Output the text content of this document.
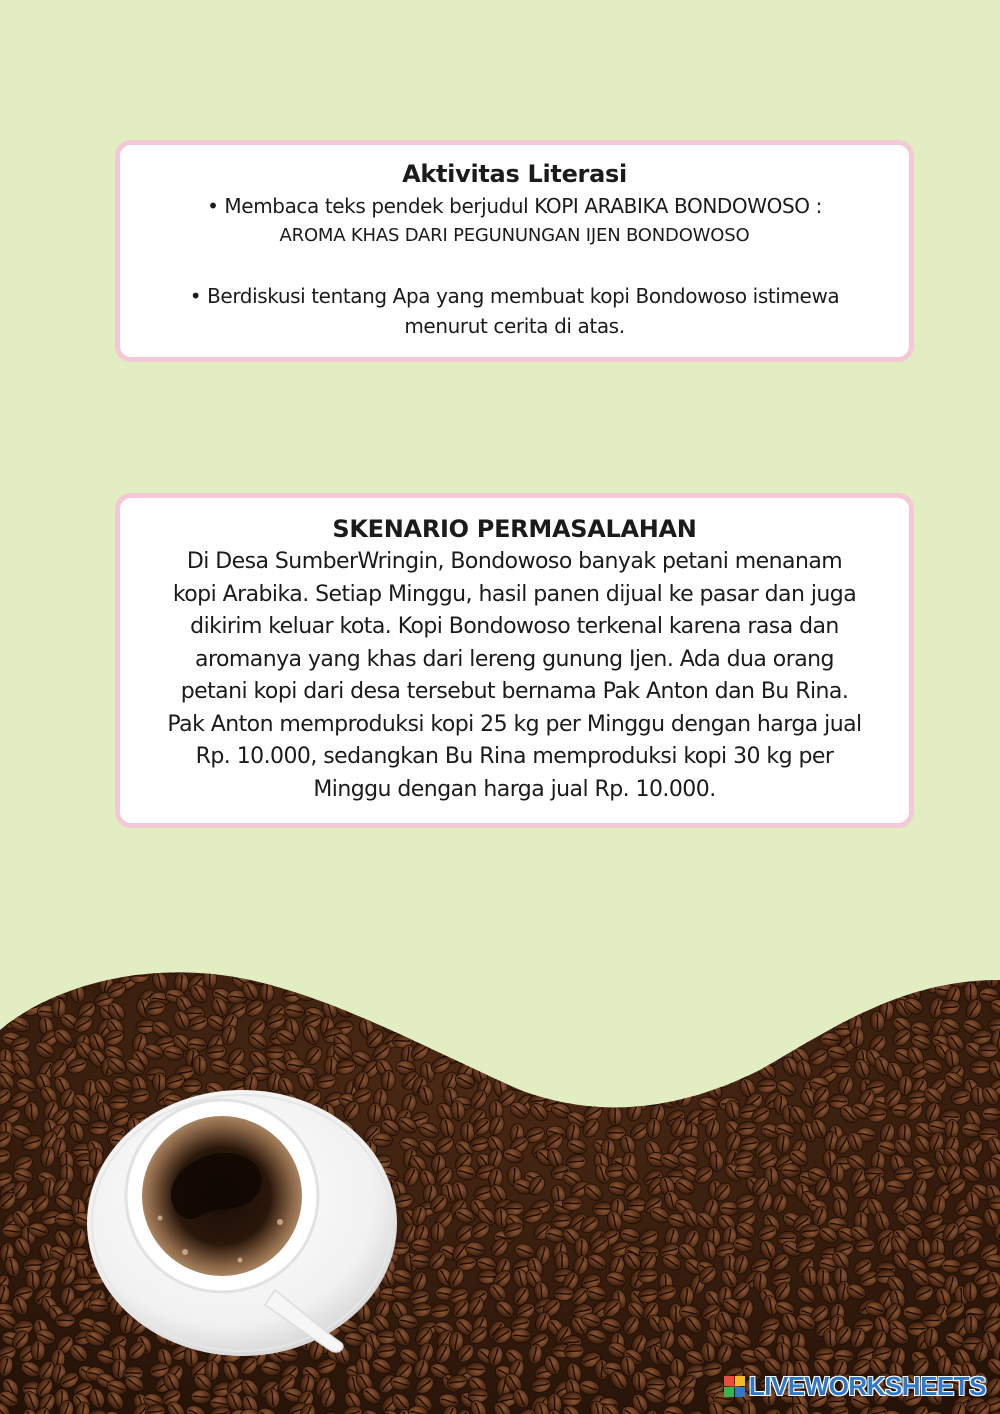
Aktivitas Literasi
• Membaca teks pendek berjudul KOPI ARABIKA BONDOWOSO :
AROMA KHAS DARI PEGUNUNGAN IJEN BONDOWOSO
• Berdiskusi tentang Apa yang membuat kopi Bondowoso istimewa
menurut cerita di atas.
SKENARIO PERMASALAHAN

Di Desa SumberWringin, Bondowoso banyak petani menanam

kopi Arabika. Setiap Minggu, hasil panen dijual ke pasar dan juga

dikirim keluar kota. Kopi Bondowoso terkenal karena rasa dan

aromanya yang khas dari lereng gunung Ijen. Ada dua orang

petani kopi dari desa tersebut bernama Pak Anton dan Bu Rina.

Pak Anton memproduksi kopi 25 kg per Minggu dengan harga jual

Rp. 10.000, sedangkan Bu Rina memproduksi kopi 30 kg per

Minggu dengan harga jual Rp. 10.000.

LIVEWORKSHEETS
